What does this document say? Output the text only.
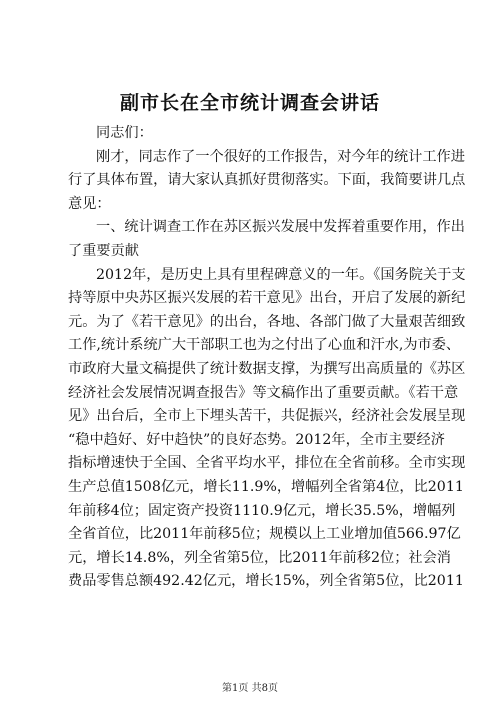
副市长在全市统计调查会讲话
同志们：
刚才，同志作了一个很好的工作报告，对今年的统计工作进
行了具体布置，请大家认真抓好贯彻落实。下面，我简要讲几点
意见：
一、统计调查工作在苏区振兴发展中发挥着重要作用，作出
了重要贡献
2012年，是历史上具有里程碑意义的一年。《国务院关于支
持等原中央苏区振兴发展的若干意见》出台，开启了发展的新纪
元。为了《若干意见》的出台，各地、各部门做了大量艰苦细致
工作,统计系统广大干部职工也为之付出了心血和汗水,为市委、
市政府大量文稿提供了统计数据支撑，为撰写出高质量的《苏区
经济社会发展情况调查报告》等文稿作出了重要贡献。《若干意
见》出台后，全市上下埋头苦干，共促振兴，经济社会发展呈现
“稳中趋好、好中趋快”的良好态势。2012年，全市主要经济
指标增速快于全国、全省平均水平，排位在全省前移。全市实现
生产总值1508亿元，增长11.9%，增幅列全省第4位，比2011
年前移4位；固定资产投资1110.9亿元，增长35.5%，增幅列
全省首位，比2011年前移5位；规模以上工业增加值566.97亿
元，增长14.8%，列全省第5位，比2011年前移2位；社会消
费品零售总额492.42亿元，增长15%，列全省第5位，比2011
第1页 共8页
